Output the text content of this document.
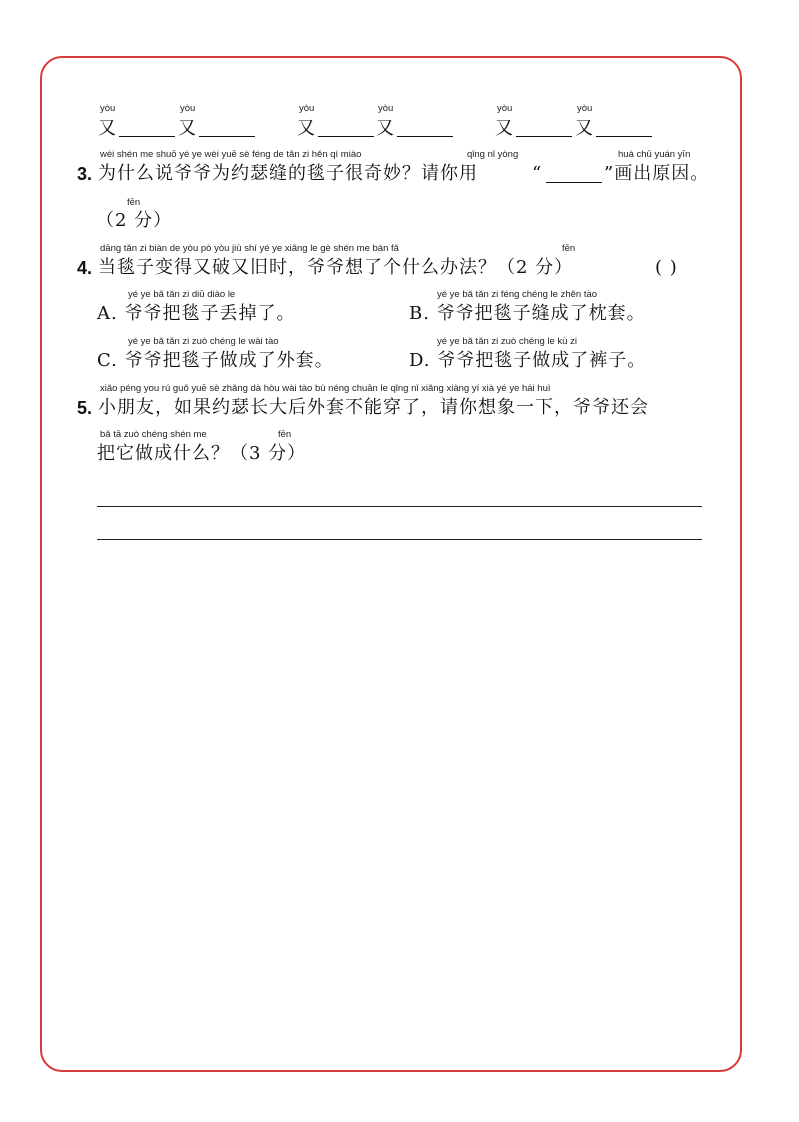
yòu	yòu	yòu	yòu	yòu	yòu
又	又	又	又	又	又
wèi shén me shuō yé ye wèi yuē sè féng de tǎn zi hěn qí miào	qǐng nǐ yòng	huà chū yuán yīn
3. 为什么说爷爷为约瑟缝的毯子很奇妙？请你用	“	”画出原因。
fēn
（2 分）
dāng tǎn zi biàn de yòu pò yòu jiù shí yé ye xiǎng le gè shén me bàn fǎ	fēn
4. 当毯子变得又破又旧时，爷爷想了个什么办法？（2 分）	( )
yé ye bǎ tǎn zi diū diào le
A. 爷爷把毯子丢掉了。
yé ye bǎ tǎn zi féng chéng le zhěn tào
B. 爷爷把毯子缝成了枕套。
yé ye bǎ tǎn zi zuò chéng le wài tào
C. 爷爷把毯子做成了外套。
yé ye bǎ tǎn zi zuò chéng le kù zi
D. 爷爷把毯子做成了裤子。
xiǎo péng you rú guǒ yuē sè zhǎng dà hòu wài tào bù néng chuān le qǐng nǐ xiǎng xiàng yí xià yé ye hái huì
5. 小朋友，如果约瑟长大后外套不能穿了，请你想象一下，爷爷还会
bǎ tā zuò chéng shén me	fēn
把它做成什么？（3 分）
